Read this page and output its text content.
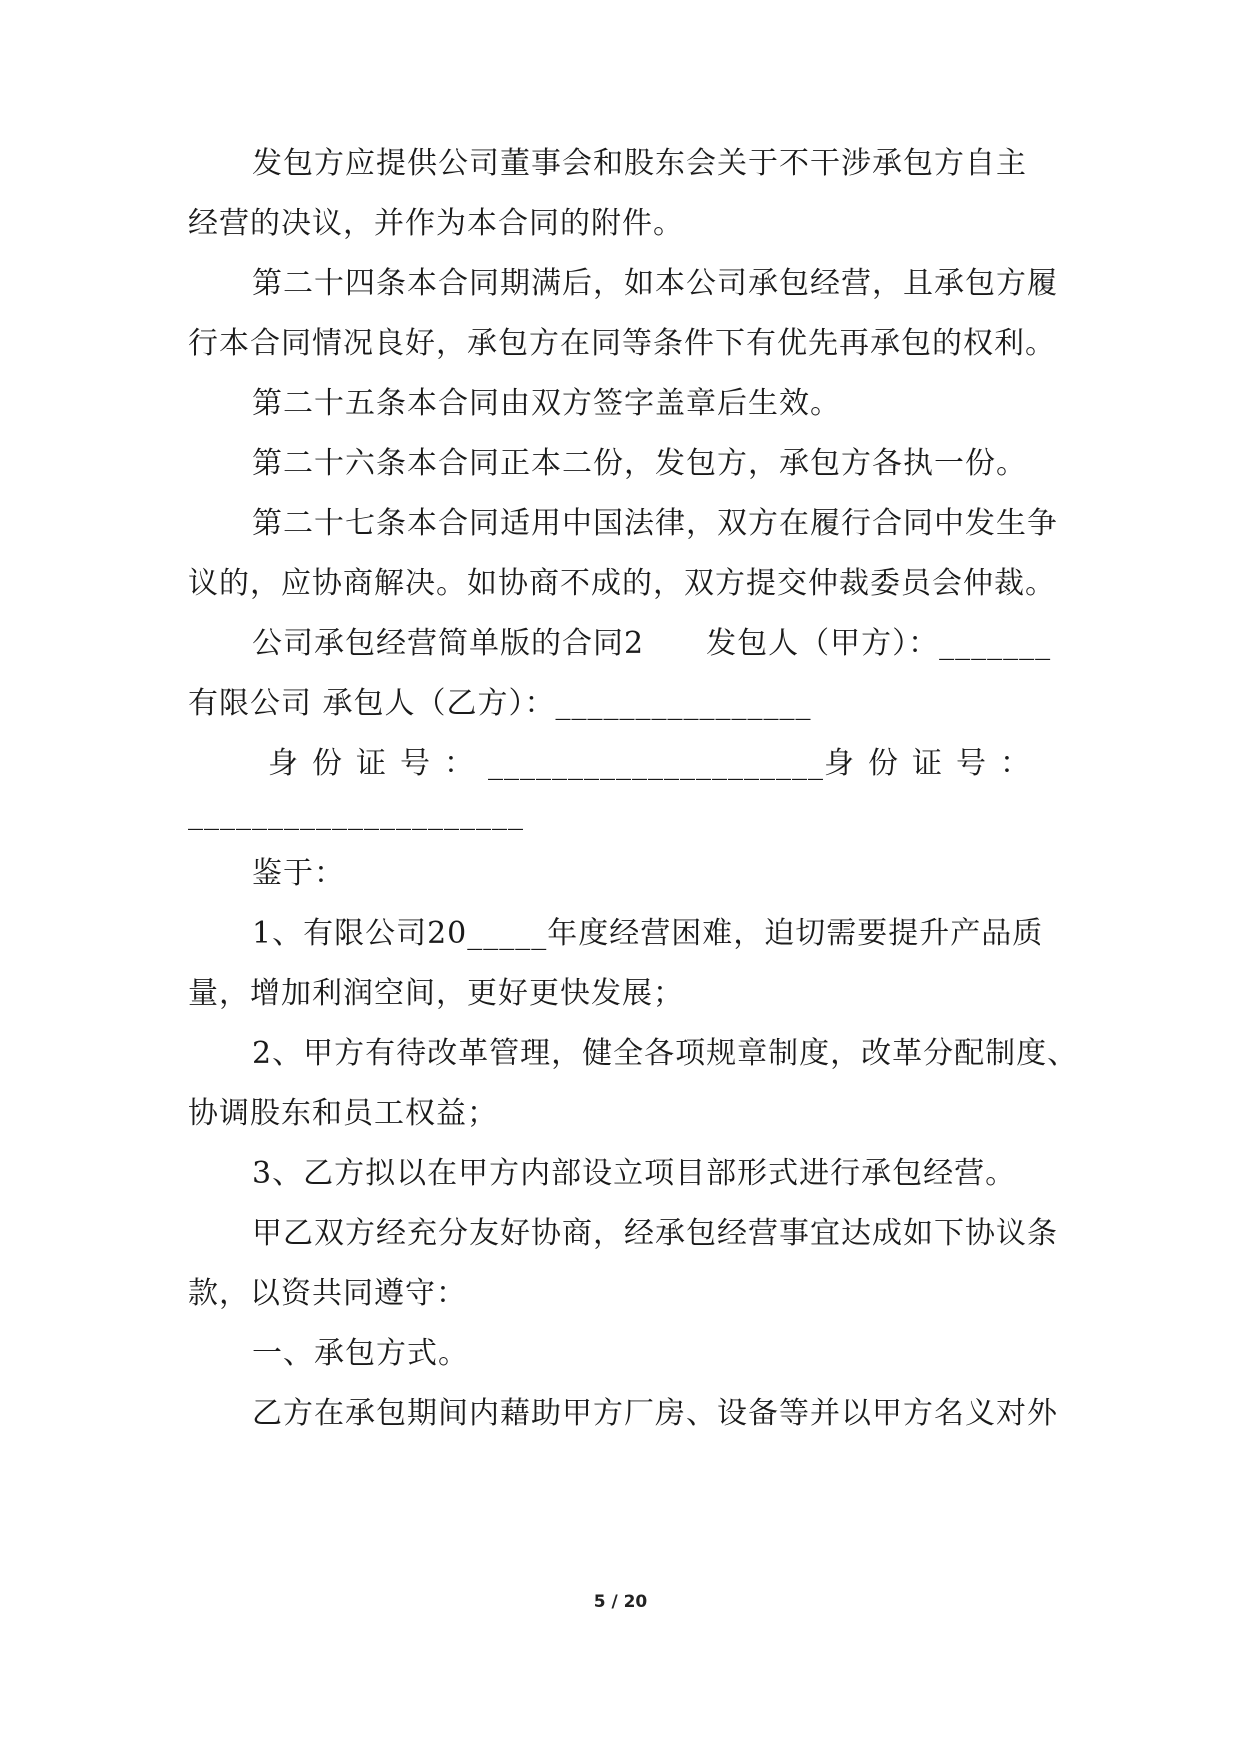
发包方应提供公司董事会和股东会关于不干涉承包方自主
经营的决议，并作为本合同的附件。
第二十四条本合同期满后，如本公司承包经营，且承包方履
行本合同情况良好，承包方在同等条件下有优先再承包的权利。
第二十五条本合同由双方签字盖章后生效。
第二十六条本合同正本二份，发包方，承包方各执一份。
第二十七条本合同适用中国法律，双方在履行合同中发生争
议的，应协商解决。如协商不成的，双方提交仲裁委员会仲裁。
公司承包经营简单版的合同2　　发包人（甲方）：_______
有限公司 承包人（乙方）：________________
身份证号： _____________________ 身份证号：
_____________________
鉴于：
1、有限公司20_____年度经营困难，迫切需要提升产品质
量，增加利润空间，更好更快发展；
2、甲方有待改革管理，健全各项规章制度，改革分配制度、
协调股东和员工权益；
3、乙方拟以在甲方内部设立项目部形式进行承包经营。
甲乙双方经充分友好协商，经承包经营事宜达成如下协议条
款，以资共同遵守：
一、承包方式。
乙方在承包期间内藉助甲方厂房、设备等并以甲方名义对外
5 / 20
